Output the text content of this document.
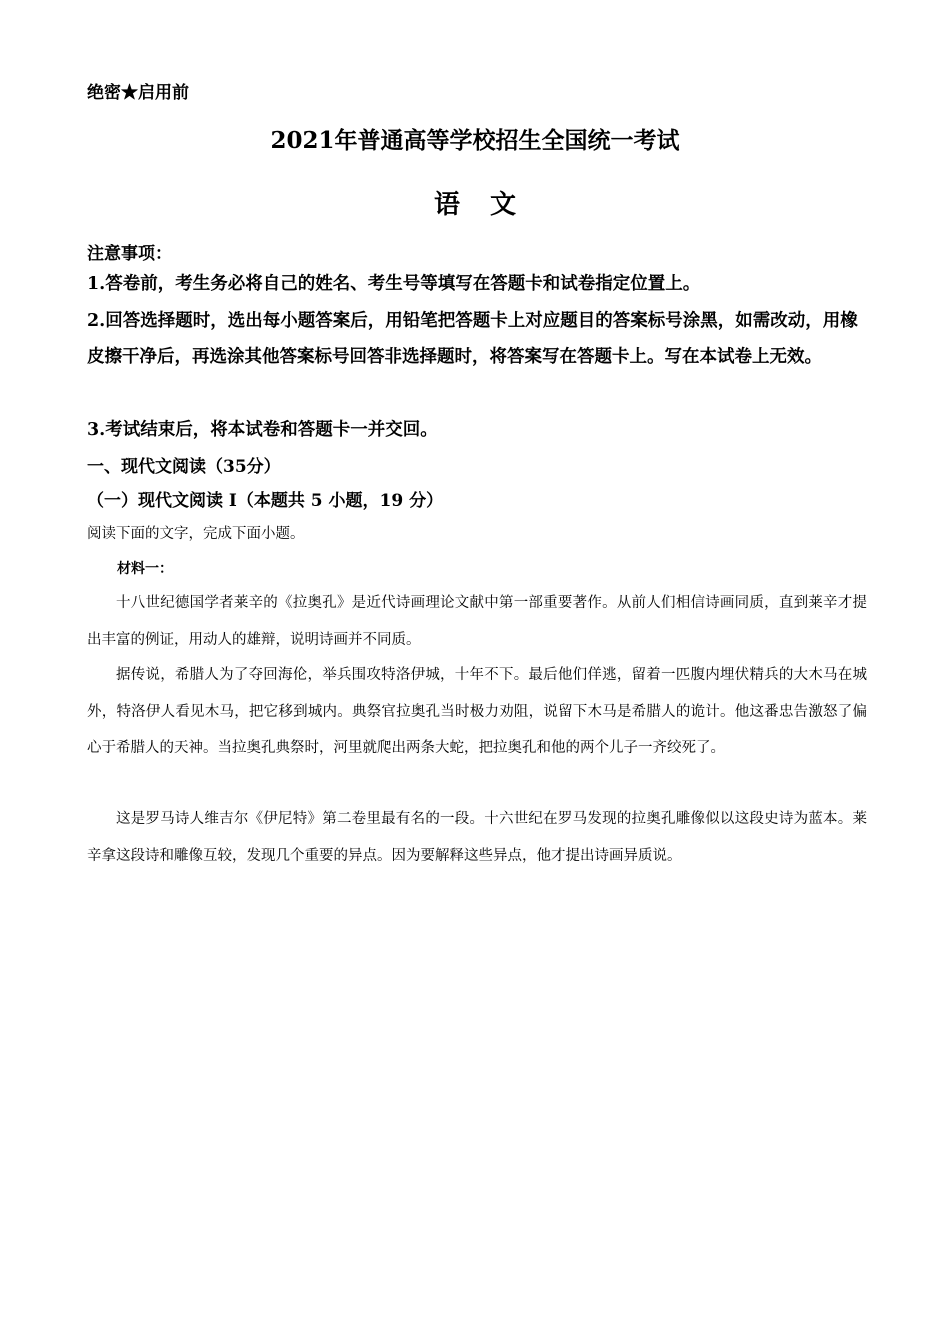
绝密★启用前
2021年普通高等学校招生全国统一考试
语 文
注意事项：
1.答卷前，考生务必将自己的姓名、考生号等填写在答题卡和试卷指定位置上。
2.回答选择题时，选出每小题答案后，用铅笔把答题卡上对应题目的答案标号涂黑，如需改动，用橡皮擦干净后，再选涂其他答案标号回答非选择题时，将答案写在答题卡上。写在本试卷上无效。
3.考试结束后，将本试卷和答题卡一并交回。
一、现代文阅读（35分）
（一）现代文阅读 I（本题共 5 小题，19 分）
阅读下面的文字，完成下面小题。
材料一：
十八世纪德国学者莱辛的《拉奥孔》是近代诗画理论文献中第一部重要著作。从前人们相信诗画同质，直到莱辛才提出丰富的例证，用动人的雄辩，说明诗画并不同质。
据传说，希腊人为了夺回海伦，举兵围攻特洛伊城，十年不下。最后他们佯逃，留着一匹腹内埋伏精兵的大木马在城外，特洛伊人看见木马，把它移到城内。典祭官拉奥孔当时极力劝阻，说留下木马是希腊人的诡计。他这番忠告激怒了偏心于希腊人的天神。当拉奥孔典祭时，河里就爬出两条大蛇，把拉奥孔和他的两个儿子一齐绞死了。
这是罗马诗人维吉尔《伊尼特》第二卷里最有名的一段。十六世纪在罗马发现的拉奥孔雕像似以这段史诗为蓝本。莱辛拿这段诗和雕像互较，发现几个重要的异点。因为要解释这些异点，他才提出诗画异质说。
